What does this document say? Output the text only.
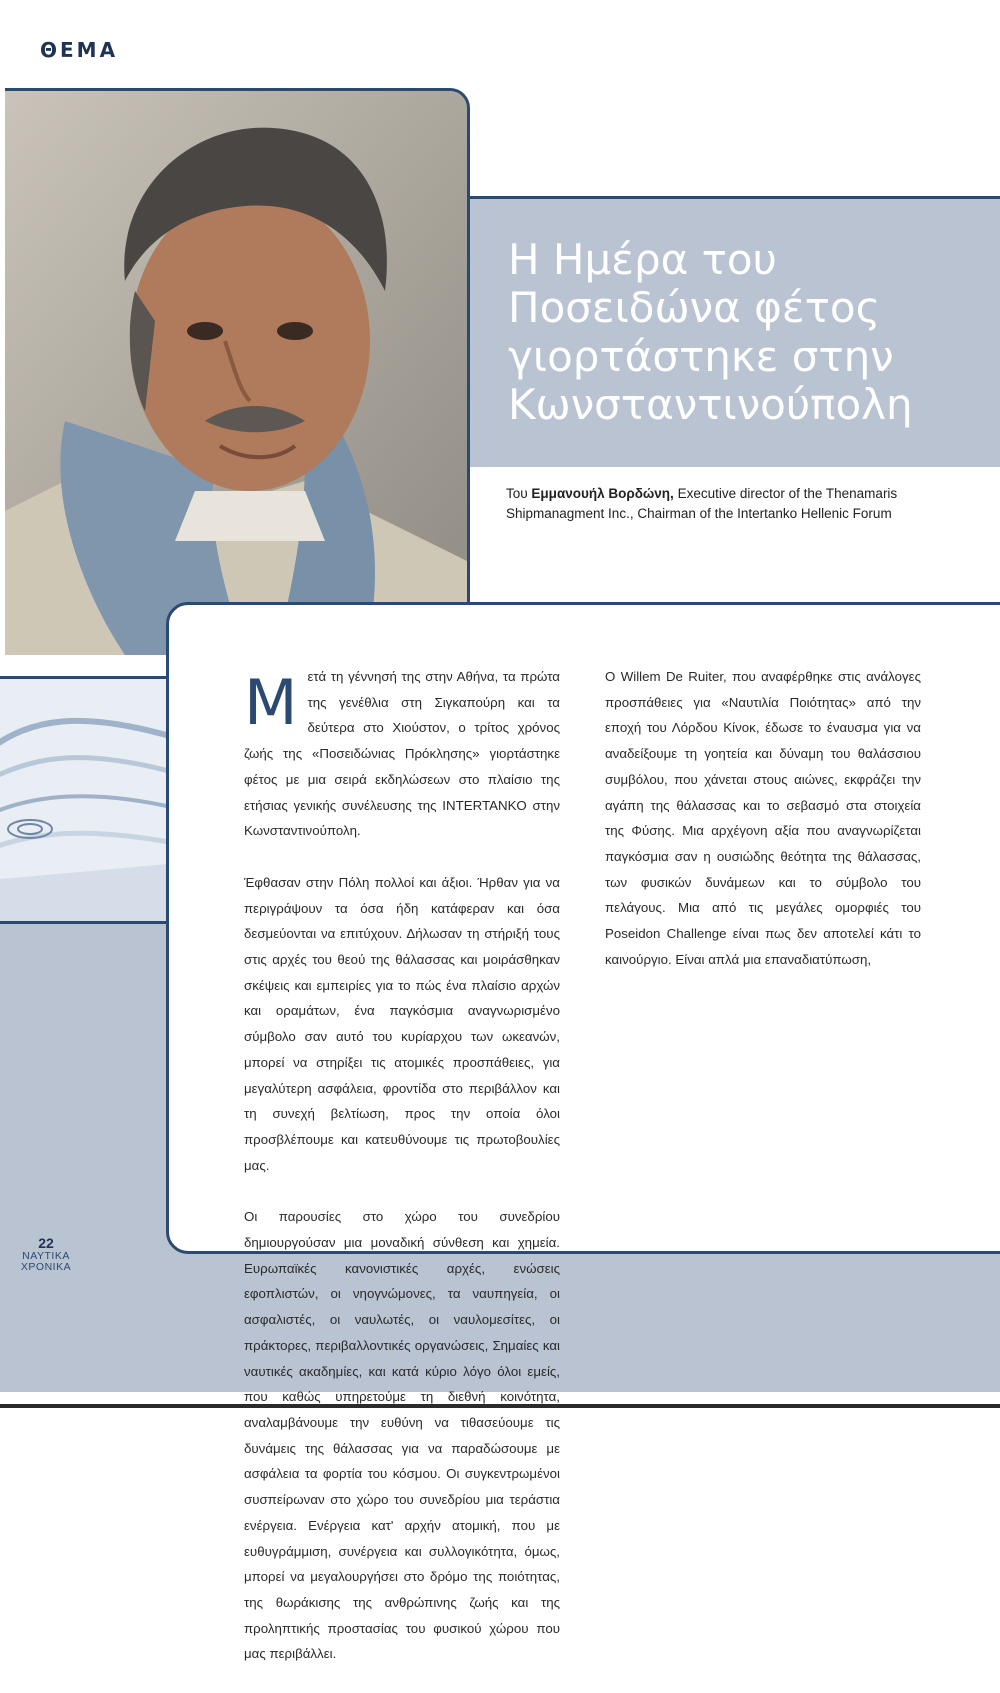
ΘΕΜΑ
Η Ημέρα του Ποσειδώνα φέτος γιορτάστηκε στην Κωνσταντινούπολη
Του Εμμανουήλ Βορδώνη, Executive director of the Thenamaris Shipmanagment Inc., Chairman of the Intertanko Hellenic Forum

Μετά τη γέννησή της στην Αθήνα, τα πρώτα της γενέθλια στη Σιγκαπούρη και τα δεύτερα στο Χιούστον, ο τρίτος χρόνος ζωής της «Ποσειδώνιας Πρόκλησης» γιορτάστηκε φέτος με μια σειρά εκδηλώσεων στο πλαίσιο της ετήσιας γενικής συνέλευσης της INTERTANKO στην Κωνσταντινούπολη.

Έφθασαν στην Πόλη πολλοί και άξιοι. Ήρθαν για να περιγράψουν τα όσα ήδη κατάφεραν και όσα δεσμεύονται να επιτύχουν. Δήλωσαν τη στήριξή τους στις αρχές του θεού της θάλασσας και μοιράσθηκαν σκέψεις και εμπειρίες για το πώς ένα πλαίσιο αρχών και οραμάτων, ένα παγκόσμια αναγνωρισμένο σύμβολο σαν αυτό του κυρίαρχου των ωκεανών, μπορεί να στηρίξει τις ατομικές προσπάθειες, για μεγαλύτερη ασφάλεια, φροντίδα στο περιβάλλον και τη συνεχή βελτίωση, προς την οποία όλοι προσβλέπουμε και κατευθύνουμε τις πρωτοβουλίες μας.

Οι παρουσίες στο χώρο του συνεδρίου δημιουργούσαν μια μοναδική σύνθεση και χημεία. Ευρωπαϊκές κανονιστικές αρχές, ενώσεις εφοπλιστών, οι νηογνώμονες, τα ναυπηγεία, οι ασφαλιστές, οι ναυλωτές, οι ναυλομεσίτες, οι πράκτορες, περιβαλλοντικές οργανώσεις, Σημαίες και ναυτικές ακαδημίες, και κατά κύριο λόγο όλοι εμείς, που καθώς υπηρετούμε τη διεθνή κοινότητα, αναλαμβάνουμε την ευθύνη να τιθασεύουμε τις δυνάμεις της θάλασσας για να παραδώσουμε με ασφάλεια τα φορτία του κόσμου. Οι συγκεντρωμένοι συσπείρωναν στο χώρο του συνεδρίου μια τεράστια ενέργεια. Ενέργεια κατ' αρχήν ατομική, που με ευθυγράμμιση, συνέργεια και συλλογικότητα, όμως, μπορεί να μεγαλουργήσει στο δρόμο της ποιότητας, της θωράκισης της ανθρώπινης ζωής και της προληπτικής προστασίας του φυσικού χώρου που μας περιβάλλει.

Ο Willem De Ruiter, που αναφέρθηκε στις ανάλογες προσπάθειες για «Ναυτιλία Ποιότητας» από την εποχή του Λόρδου Κίνοκ, έδωσε το έναυσμα για να αναδείξουμε τη γοητεία και δύναμη του θαλάσσιου συμβόλου, που χάνεται στους αιώνες, εκφράζει την αγάπη της θάλασσας και το σεβασμό στα στοιχεία της Φύσης. Μια αρχέγονη αξία που αναγνωρίζεται παγκόσμια σαν η ουσιώδης θεότητα της θάλασσας, των φυσικών δυνάμεων και το σύμβολο του πελάγους. Μια από τις μεγάλες ομορφιές του Poseidon Challenge είναι πως δεν αποτελεί κάτι το καινούργιο. Είναι απλά μια επαναδιατύπωση,

22
ΝΑΥΤΙΚΑ
ΧΡΟΝΙΚΑ
